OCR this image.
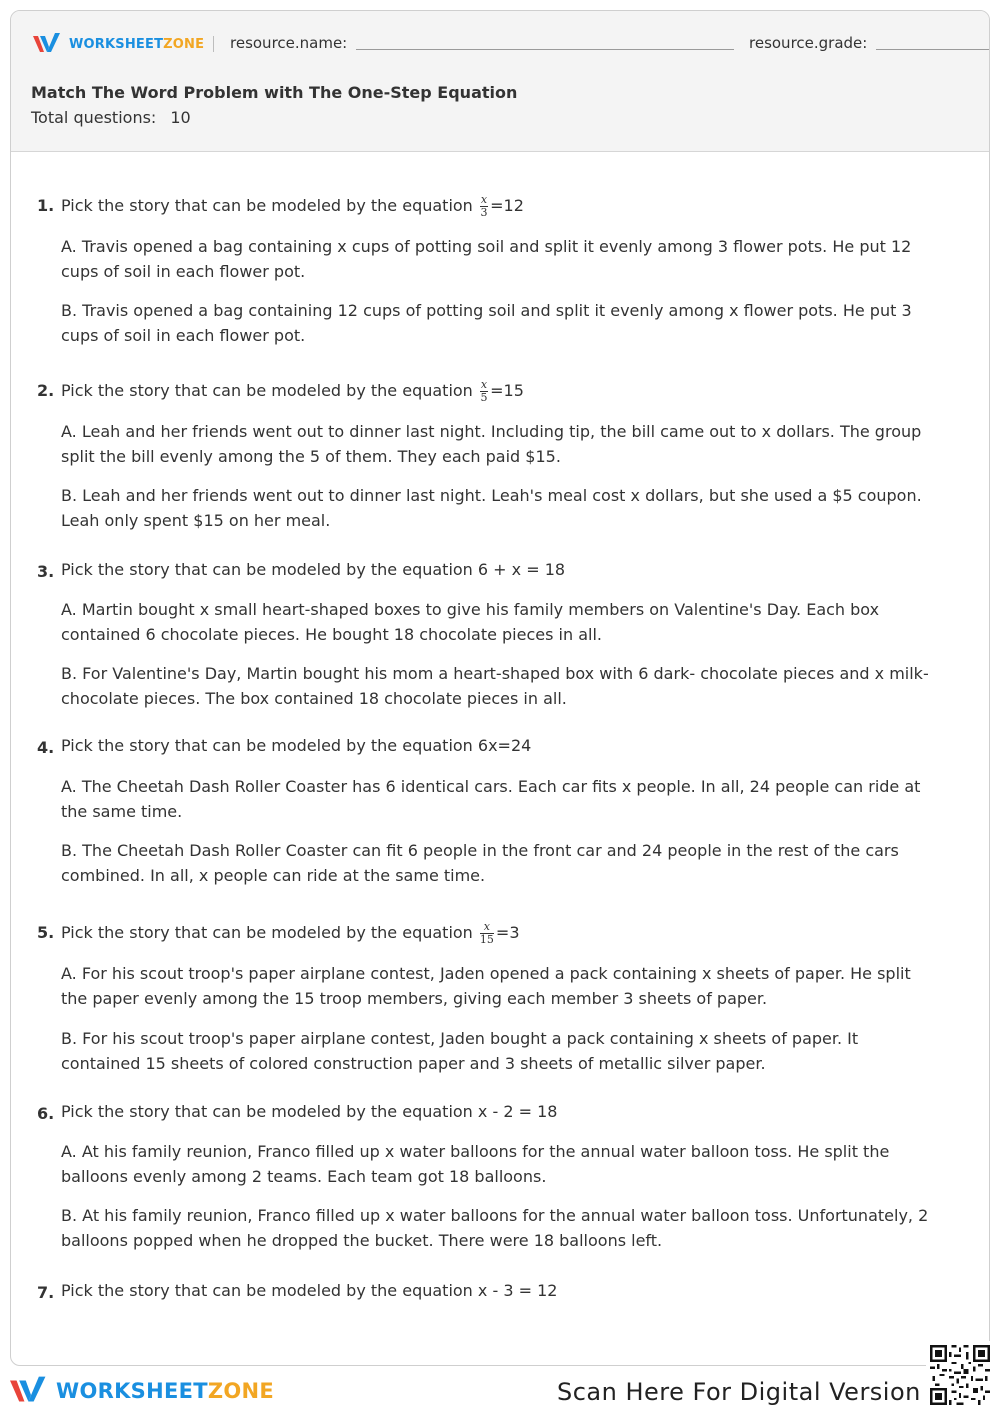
WORKSHEETZONE resource.name:	resource.grade:
Match The Word Problem with The One-Step Equation
Total questions: 10
1. Pick the story that can be modeled by the equation $\frac{x}{3} =12$
A. Travis opened a bag containing x cups of potting soil and split it evenly among 3 flower pots. He put 12 cups of soil in each flower pot.
B. Travis opened a bag containing 12 cups of potting soil and split it evenly among x flower pots. He put 3 cups of soil in each flower pot.
2. Pick the story that can be modeled by the equation $\frac{x}{5} =15$
A. Leah and her friends went out to dinner last night. Including tip, the bill came out to x dollars. The group split the bill evenly among the 5 of them. They each paid $15.
B. Leah and her friends went out to dinner last night. Leah's meal cost x dollars, but she used a $5 coupon. Leah only spent $15 on her meal.
3. Pick the story that can be modeled by the equation 6 + x = 18
A. Martin bought x small heart-shaped boxes to give his family members on Valentine's Day. Each box contained 6 chocolate pieces. He bought 18 chocolate pieces in all.
B. For Valentine's Day, Martin bought his mom a heart-shaped box with 6 dark- chocolate pieces and x milk-chocolate pieces. The box contained 18 chocolate pieces in all.
4. Pick the story that can be modeled by the equation 6x=24
A. The Cheetah Dash Roller Coaster has 6 identical cars. Each car fits x people. In all, 24 people can ride at the same time.
B. The Cheetah Dash Roller Coaster can fit 6 people in the front car and 24 people in the rest of the cars combined. In all, x people can ride at the same time.
5. Pick the story that can be modeled by the equation $\frac{x}{15} =3$
A. For his scout troop's paper airplane contest, Jaden opened a pack containing x sheets of paper. He split the paper evenly among the 15 troop members, giving each member 3 sheets of paper.
B. For his scout troop's paper airplane contest, Jaden bought a pack containing x sheets of paper. It contained 15 sheets of colored construction paper and 3 sheets of metallic silver paper.
6. Pick the story that can be modeled by the equation x - 2 = 18
A. At his family reunion, Franco filled up x water balloons for the annual water balloon toss. He split the balloons evenly among 2 teams. Each team got 18 balloons.
B. At his family reunion, Franco filled up x water balloons for the annual water balloon toss. Unfortunately, 2 balloons popped when he dropped the bucket. There were 18 balloons left.
7. Pick the story that can be modeled by the equation x - 3 = 12
WORKSHEETZONE	Scan Here For Digital Version
